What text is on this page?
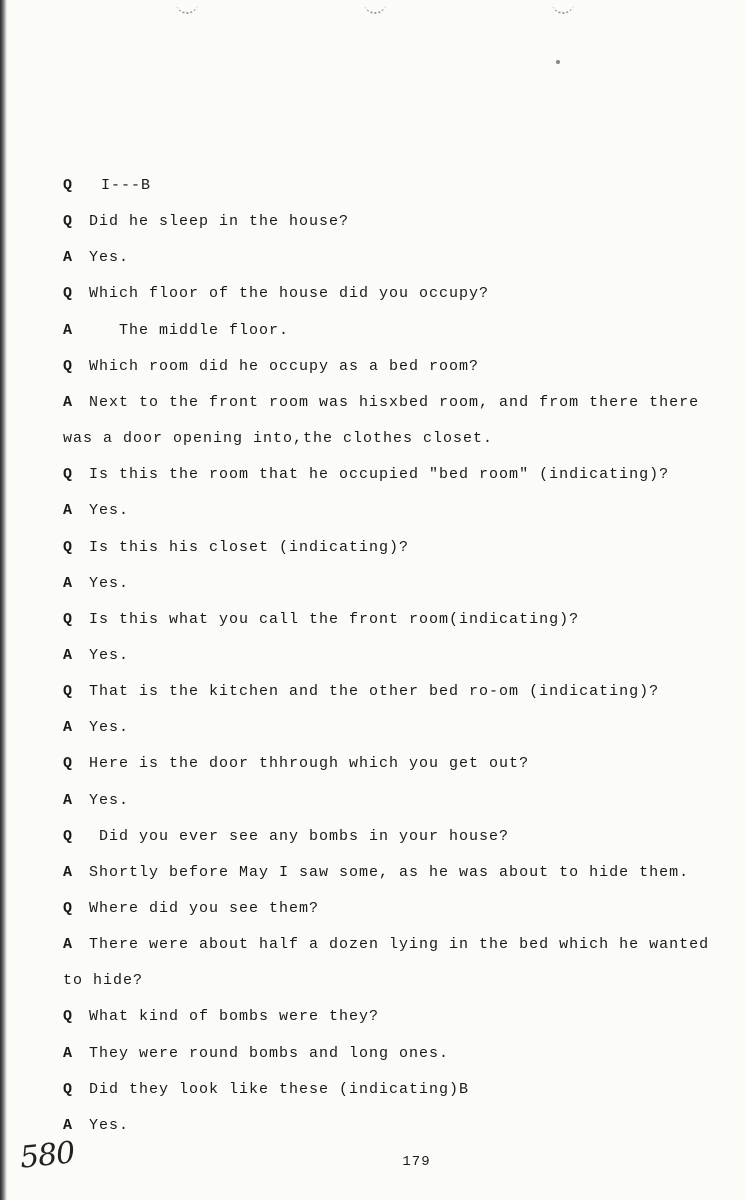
Q I---B
Q Did he sleep in the house?
A Yes.
Q Which floor of the house did you occupy?
A   The middle floor.
Q Which room did he occupy as a bed room?
A Next to the front room was hisxbed room, and from there there
was a door opening into,the clothes closet.
Q Is this the room that he occupied "bed room" (indicating)?
A Yes.
Q Is this his closet (indicating)?
A Yes.
Q Is this what you call the front room(indicating)?
A Yes.
Q That is the kitchen and the other bed ro-om (indicating)?
A Yes.
Q Here is the door thhrough which you get out?
A Yes.
Q Did you ever see any bombs in your house?
A Shortly before May I saw some, as he was about to hide them.
Q Where did you see them?
A There were about half a dozen lying in the bed which he wanted
to hide?
Q What kind of bombs were they?
A They were round bombs and long ones.
Q Did they look like these (indicating)B
A Yes.
580	179
